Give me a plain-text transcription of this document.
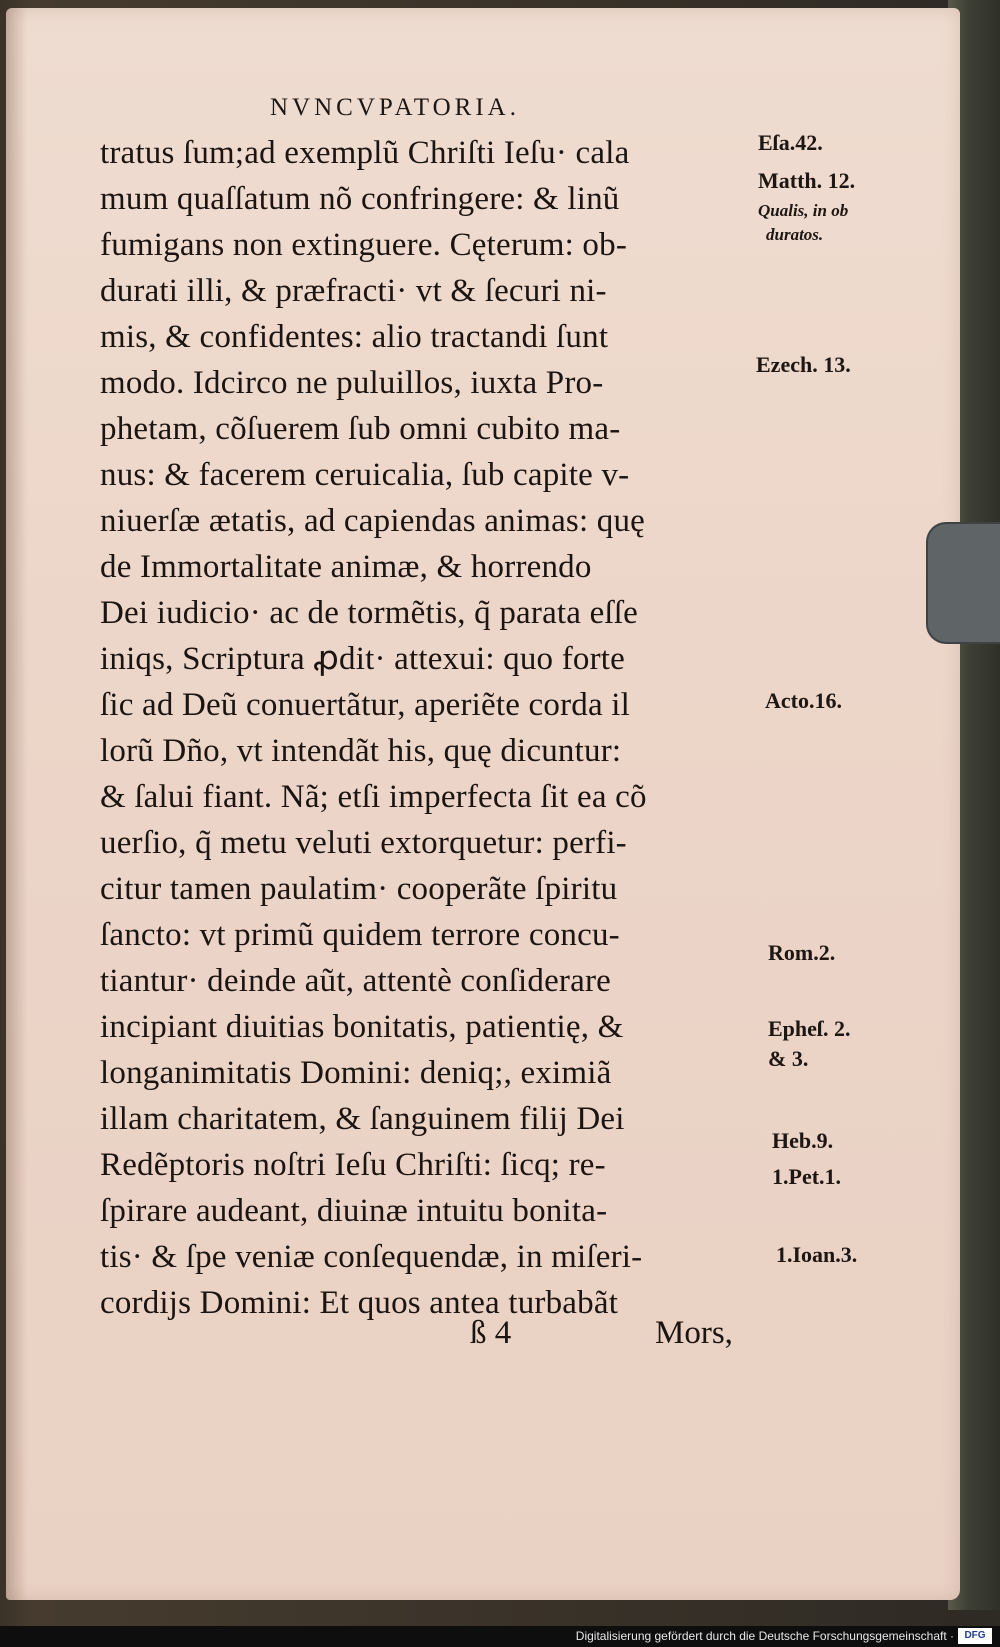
NVNCVPATORIA.
tratus ſum;ad exemplũ Chriſti Ieſu· cala
mum quaſſatum nõ confringere: & linũ
fumigans non extinguere. Cęterum: ob-
durati illi, & præfracti· vt & ſecuri ni-
mis, & confidentes: alio tractandi ſunt
modo. Idcirco ne puluillos, iuxta Pro-
phetam, cõſuerem ſub omni cubito ma-
nus: & facerem ceruicalia, ſub capite v-
niuerſæ ætatis, ad capiendas animas: quę
de Immortalitate animæ, & horrendo
Dei iudicio· ac de tormẽtis, q̃ parata eſſe
iniqs, Scriptura ꝓdit· attexui: quo forte
ſic ad Deũ conuertãtur, aperiẽte corda il
lorũ Dño, vt intendãt his, quę dicuntur:
& ſalui fiant. Nã; etſi imperfecta ſit ea cõ
uerſio, q̃ metu veluti extorquetur: perfi-
citur tamen paulatim· cooperãte ſpiritu
ſancto: vt primũ quidem terrore concu-
tiantur· deinde aũt, attentè conſiderare
incipiant diuitias bonitatis, patientię, &
longanimitatis Domini: deniq;, eximiã
illam charitatem, & ſanguinem filij Dei
Redẽptoris noſtri Ieſu Chriſti: ſicq; re-
ſpirare audeant, diuinæ intuitu bonita-
tis· & ſpe veniæ conſequendæ, in miſeri-
cordijs Domini: Et quos antea turbabãt
ß 4	Mors,
Eſa.42.
Matth. 12.
Qualis, in ob
duratos.
Ezech. 13.
Acto.16.
Rom.2.
Epheſ. 2.
& 3.
Heb.9.
1.Pet.1.
1.Ioan.3.
Digitalisierung gefördert durch die Deutsche Forschungsgemeinschaft ·	DFG
